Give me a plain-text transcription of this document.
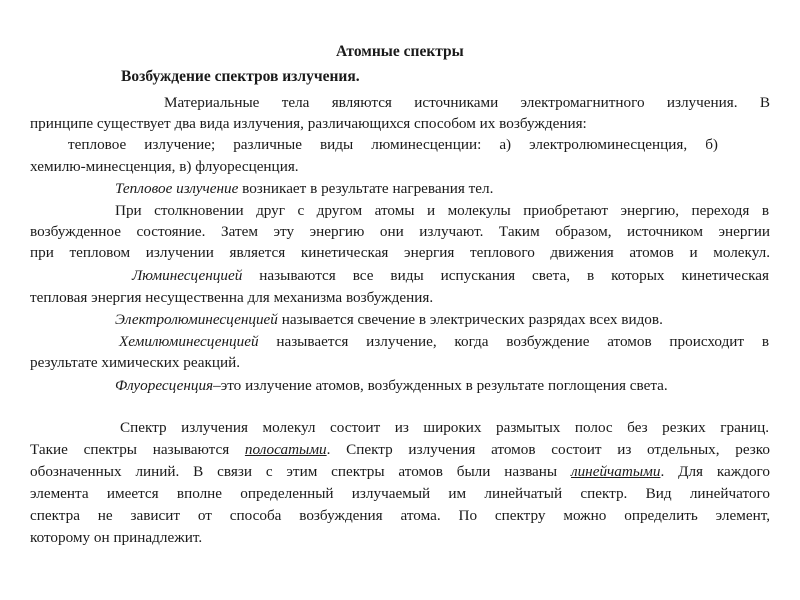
Атомные спектры
Возбуждение спектров излучения.
Материальные тела являются источниками электромагнитного излучения. В
принципе существует два вида излучения, различающихся способом их возбуждения:
тепловое излучение; различные виды люминесценции: а) электролюминесценция, б)
хемилю-минесценция, в) флуоресценция.
Тепловое излучение возникает в результате нагревания тел.
При столкновении друг с другом атомы и молекулы приобретают энергию, переходя в
возбужденное состояние. Затем эту энергию они излучают. Таким образом, источником энергии
при тепловом излучении является кинетическая энергия теплового движения атомов и молекул.
Люминесценцией называются все виды испускания света, в которых кинетическая
тепловая энергия несущественна для механизма возбуждения.
Электролюминесценцией называется свечение в электрических разрядах всех видов.
Хемилюминесценцией называется излучение, когда возбуждение атомов происходит в
результате химических реакций.
Флуоресценция–это излучение атомов, возбужденных в результате поглощения света.
Спектр излучения молекул состоит из широких размытых полос без резких границ.
Такие спектры называются полосатыми. Спектр излучения атомов состоит из отдельных, резко
обозначенных линий. В связи с этим спектры атомов были названы линейчатыми. Для каждого
элемента имеется вполне определенный излучаемый им линейчатый спектр. Вид линейчатого
спектра не зависит от способа возбуждения атома. По спектру можно определить элемент,
которому он принадлежит.
